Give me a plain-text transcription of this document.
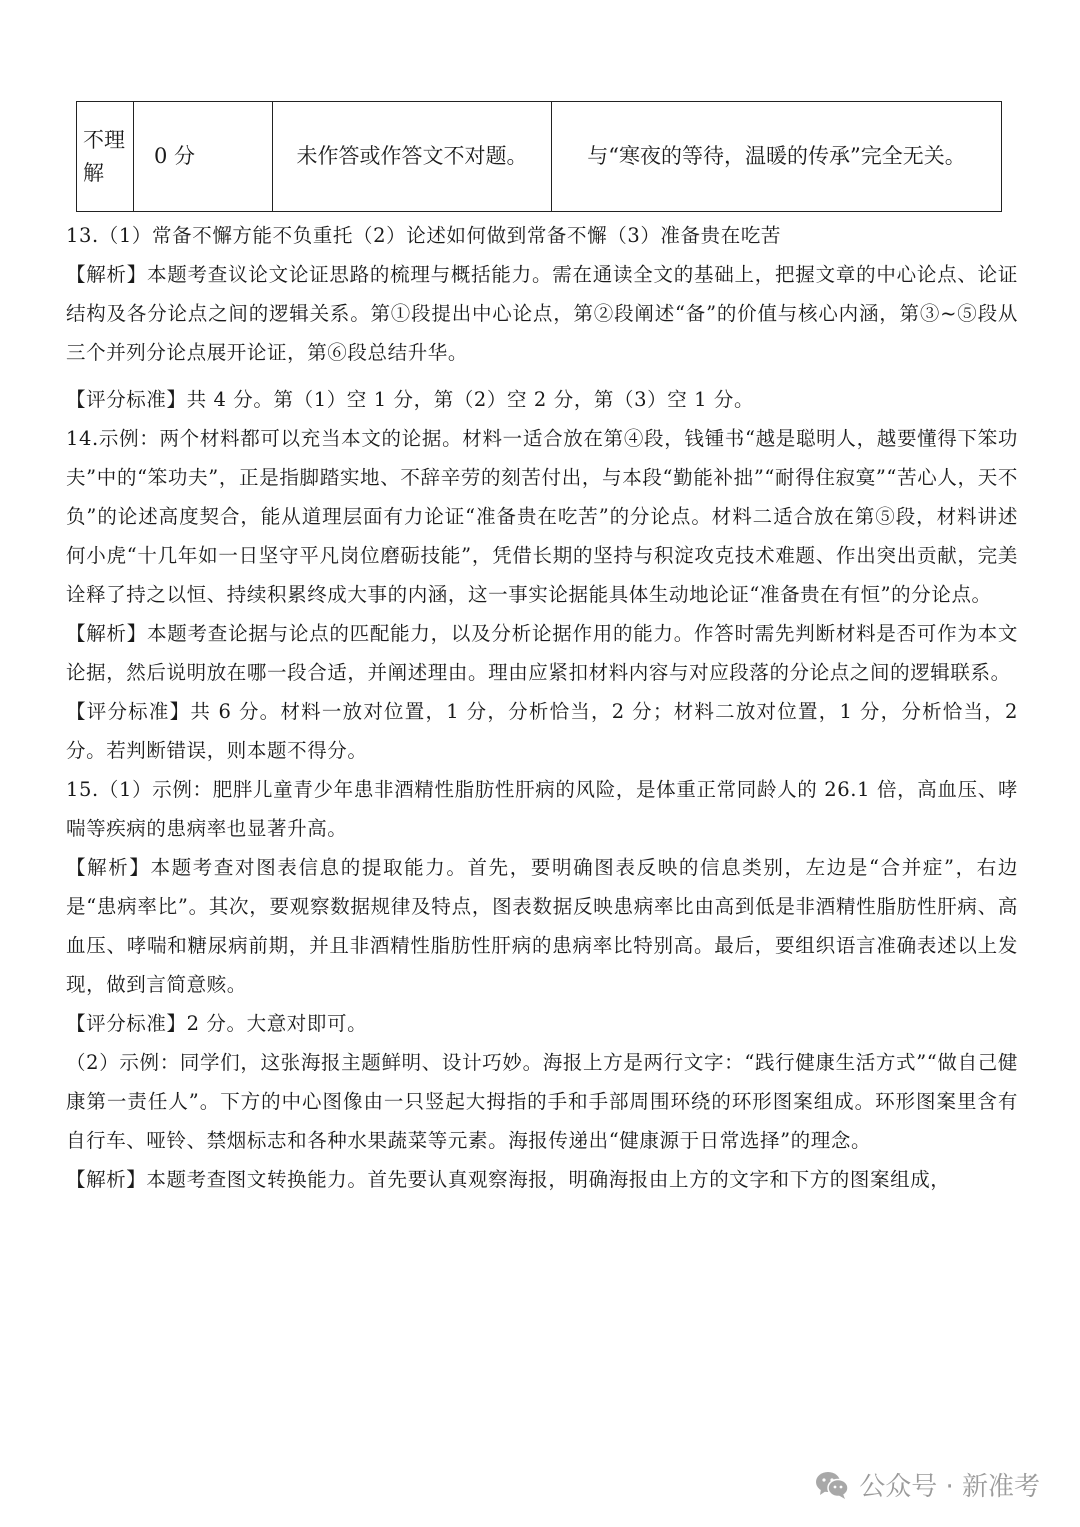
不理解	0 分	未作答或作答文不对题。	与“寒夜的等待，温暖的传承”完全无关。

13.（1）常备不懈方能不负重托（2）论述如何做到常备不懈（3）准备贵在吃苦

【解析】本题考查议论文论证思路的梳理与概括能力。需在通读全文的基础上，把握文章的中心论点、论证结构及各分论点之间的逻辑关系。第①段提出中心论点，第②段阐述“备”的价值与核心内涵，第③~⑤段从三个并列分论点展开论证，第⑥段总结升华。

【评分标准】共 4 分。第（1）空 1 分，第（2）空 2 分，第（3）空 1 分。

14.示例：两个材料都可以充当本文的论据。材料一适合放在第④段，钱锺书“越是聪明人，越要懂得下笨功夫”中的“笨功夫”，正是指脚踏实地、不辞辛劳的刻苦付出，与本段“勤能补拙”“耐得住寂寞”“苦心人，天不负”的论述高度契合，能从道理层面有力论证“准备贵在吃苦”的分论点。材料二适合放在第⑤段，材料讲述何小虎“十几年如一日坚守平凡岗位磨砺技能”，凭借长期的坚持与积淀攻克技术难题、作出突出贡献，完美诠释了持之以恒、持续积累终成大事的内涵，这一事实论据能具体生动地论证“准备贵在有恒”的分论点。

【解析】本题考查论据与论点的匹配能力，以及分析论据作用的能力。作答时需先判断材料是否可作为本文论据，然后说明放在哪一段合适，并阐述理由。理由应紧扣材料内容与对应段落的分论点之间的逻辑联系。

【评分标准】共 6 分。材料一放对位置，1 分，分析恰当，2 分；材料二放对位置，1 分，分析恰当，2 分。若判断错误，则本题不得分。

15.（1）示例：肥胖儿童青少年患非酒精性脂肪性肝病的风险，是体重正常同龄人的 26.1 倍，高血压、哮喘等疾病的患病率也显著升高。

【解析】本题考查对图表信息的提取能力。首先，要明确图表反映的信息类别，左边是“合并症”，右边是“患病率比”。其次，要观察数据规律及特点，图表数据反映患病率比由高到低是非酒精性脂肪性肝病、高血压、哮喘和糖尿病前期，并且非酒精性脂肪性肝病的患病率比特别高。最后，要组织语言准确表述以上发现，做到言简意赅。

【评分标准】2 分。大意对即可。

（2）示例：同学们，这张海报主题鲜明、设计巧妙。海报上方是两行文字：“践行健康生活方式”“做自己健康第一责任人”。下方的中心图像由一只竖起大拇指的手和手部周围环绕的环形图案组成。环形图案里含有自行车、哑铃、禁烟标志和各种水果蔬菜等元素。海报传递出“健康源于日常选择”的理念。

【解析】本题考查图文转换能力。首先要认真观察海报，明确海报由上方的文字和下方的图案组成，

公众号 · 新准考
